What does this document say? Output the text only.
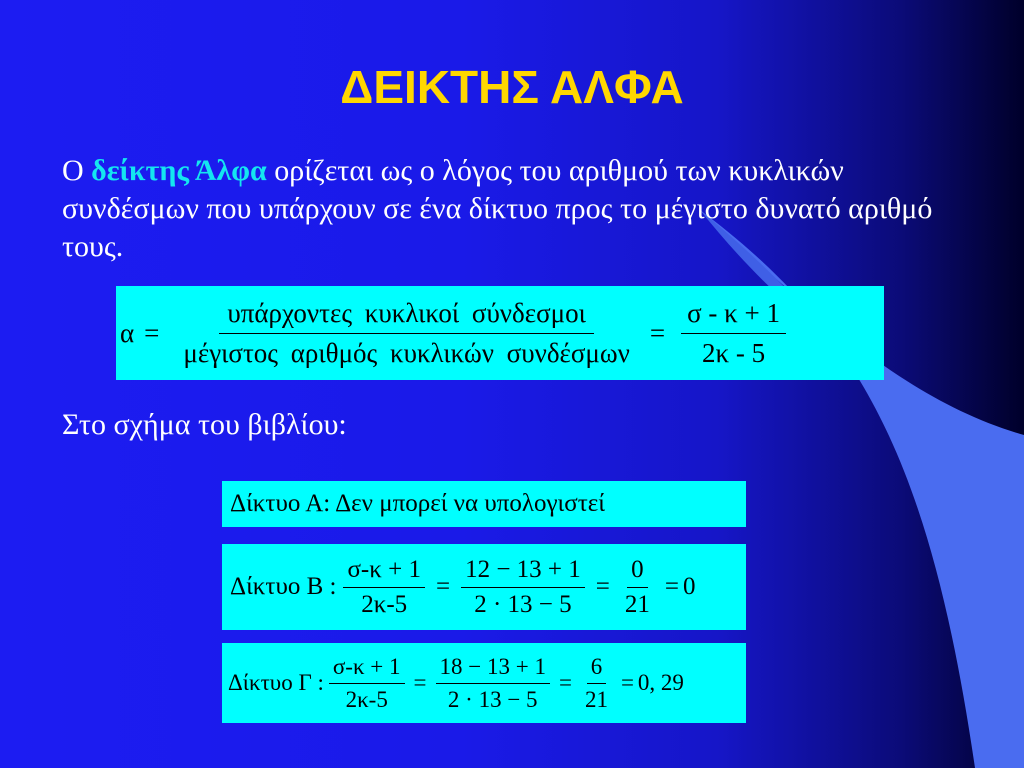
ΔΕΙΚΤΗΣ ΑΛΦΑ
Ο δείκτης Άλφα ορίζεται ως ο λόγος του αριθμού των κυκλικών συνδέσμων που υπάρχουν σε ένα δίκτυο προς το μέγιστο δυνατό αριθμό τους.
$\alpha = \frac{\text{υπάρχοντες κυκλικοί σύνδεσμοι}}{\text{μέγιστος αριθμός κυκλικών συνδέσμων}} = \frac{\sigma - \kappa + 1}{2\kappa - 5}$
Στο σχήμα του βιβλίου:
Δίκτυο Α: Δεν μπορεί να υπολογιστεί
Δίκτυο Β : $\frac{\sigma-\kappa + 1}{2\kappa-5} = \frac{12 - 13 + 1}{2 \cdot 13 - 5} = \frac{0}{21} = 0$
Δίκτυο Γ : $\frac{\sigma-\kappa + 1}{2\kappa-5} = \frac{18 - 13 + 1}{2 \cdot 13 - 5} = \frac{6}{21} = 0$, 29
